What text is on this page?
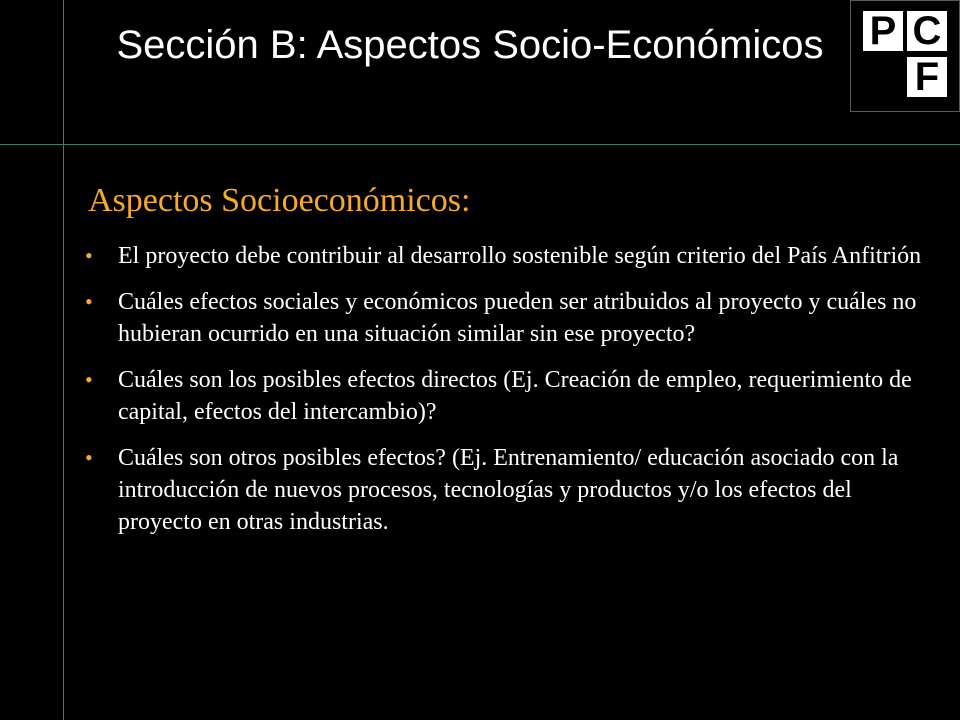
Sección B: Aspectos Socio-Económicos	P C
F
Aspectos Socioeconómicos:
• El proyecto debe contribuir al desarrollo sostenible según criterio del País Anfitrión
• Cuáles efectos sociales y económicos pueden ser atribuidos al proyecto y cuáles no hubieran ocurrido en una situación similar sin ese proyecto?
• Cuáles son los posibles efectos directos (Ej. Creación de empleo, requerimiento de capital, efectos del intercambio)?
• Cuáles son otros posibles efectos? (Ej. Entrenamiento/ educación asociado con la introducción de nuevos procesos, tecnologías y productos y/o los efectos del proyecto en otras industrias.
